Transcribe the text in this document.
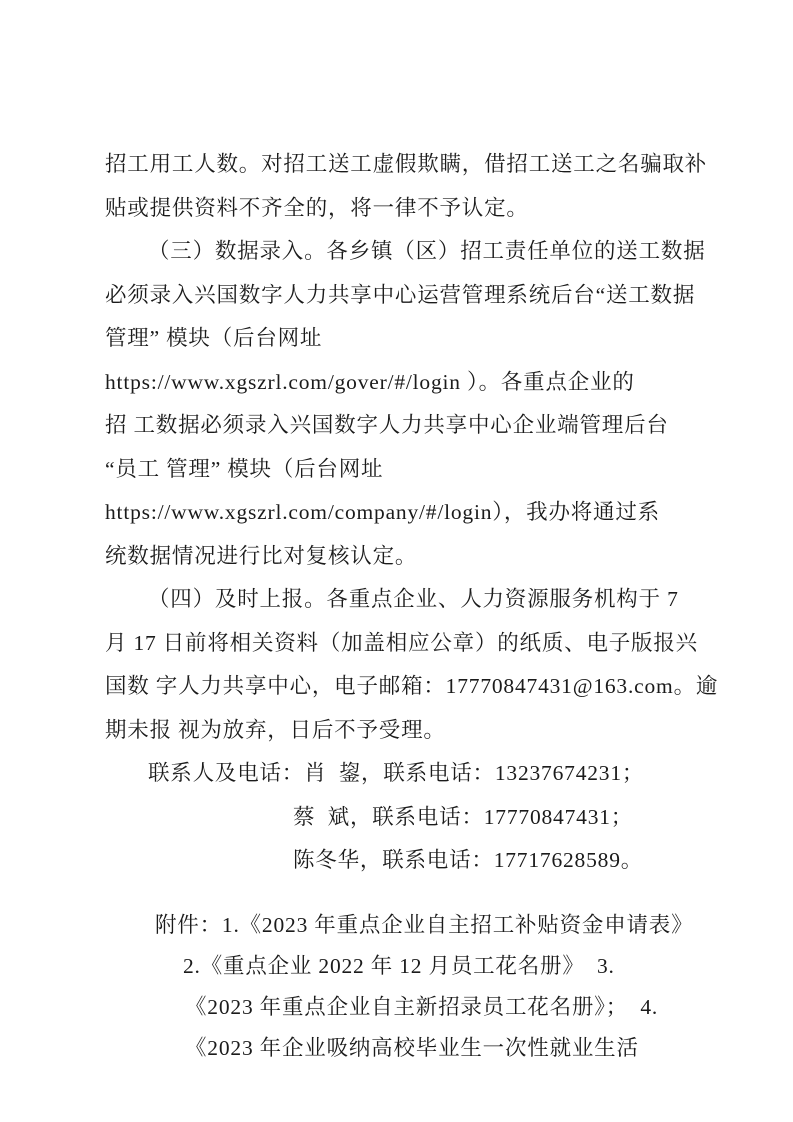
招工用工人数。对招工送工虚假欺瞒，借招工送工之名骗取补
贴或提供资料不齐全的，将一律不予认定。
（三）数据录入。各乡镇（区）招工责任单位的送工数据
必须录入兴国数字人力共享中心运营管理系统后台“送工数据
管理” 模块（后台网址
https://www.xgszrl.com/gover/#/login ）。各重点企业的
招 工数据必须录入兴国数字人力共享中心企业端管理后台
“员工 管理” 模块（后台网址
https://www.xgszrl.com/company/#/login），我办将通过系
统数据情况进行比对复核认定。
（四）及时上报。各重点企业、人力资源服务机构于 7
月 17 日前将相关资料（加盖相应公章）的纸质、电子版报兴
国数 字人力共享中心，电子邮箱：17770847431@163.com。逾
期未报 视为放弃，日后不予受理。
联系人及电话：肖  鋆，联系电话：13237674231；
蔡  斌，联系电话：17770847431；
陈冬华，联系电话：17717628589。
附件：1.《2023 年重点企业自主招工补贴资金申请表》
2.《重点企业 2022 年 12 月员工花名册》  3.
《2023 年重点企业自主新招录员工花名册》；  4.
《2023 年企业吸纳高校毕业生一次性就业生活
